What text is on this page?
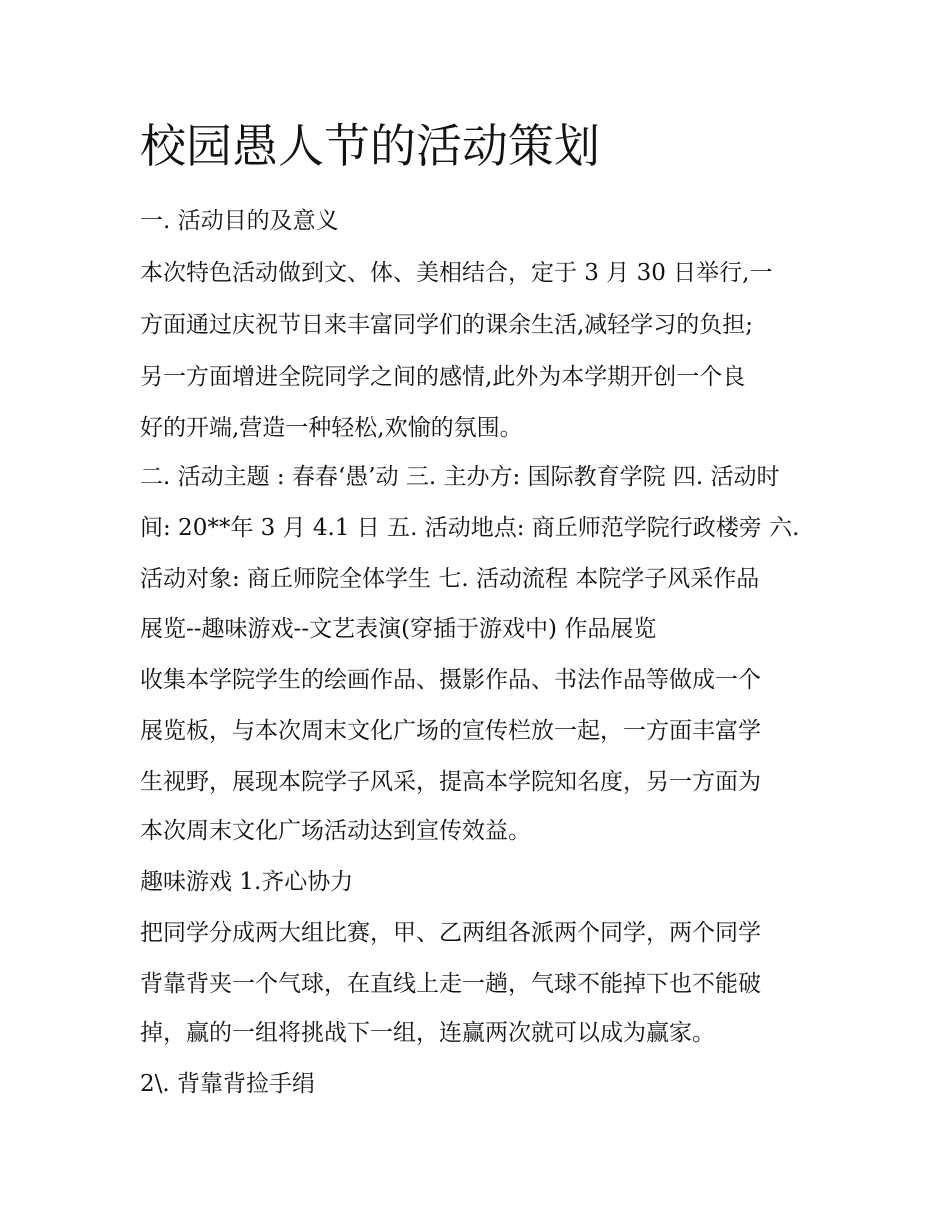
校园愚人节的活动策划
一. 活动目的及意义
本次特色活动做到文、体、美相结合，定于 3 月 30 日举行,一
方面通过庆祝节日来丰富同学们的课余生活,减轻学习的负担;
另一方面增进全院同学之间的感情,此外为本学期开创一个良
好的开端,营造一种轻松,欢愉的氛围。
二. 活动主题 : 春春‘愚’动 三. 主办方: 国际教育学院 四. 活动时
间: 20**年 3 月 4.1 日 五. 活动地点: 商丘师范学院行政楼旁 六.
活动对象: 商丘师院全体学生 七. 活动流程 本院学子风采作品
展览--趣味游戏--文艺表演(穿插于游戏中) 作品展览
收集本学院学生的绘画作品、摄影作品、书法作品等做成一个
展览板，与本次周末文化广场的宣传栏放一起，一方面丰富学
生视野，展现本院学子风采，提高本学院知名度，另一方面为
本次周末文化广场活动达到宣传效益。
趣味游戏 1.齐心协力
把同学分成两大组比赛，甲、乙两组各派两个同学，两个同学
背靠背夹一个气球，在直线上走一趟，气球不能掉下也不能破
掉，赢的一组将挑战下一组，连赢两次就可以成为赢家。
2\. 背靠背捡手绢
